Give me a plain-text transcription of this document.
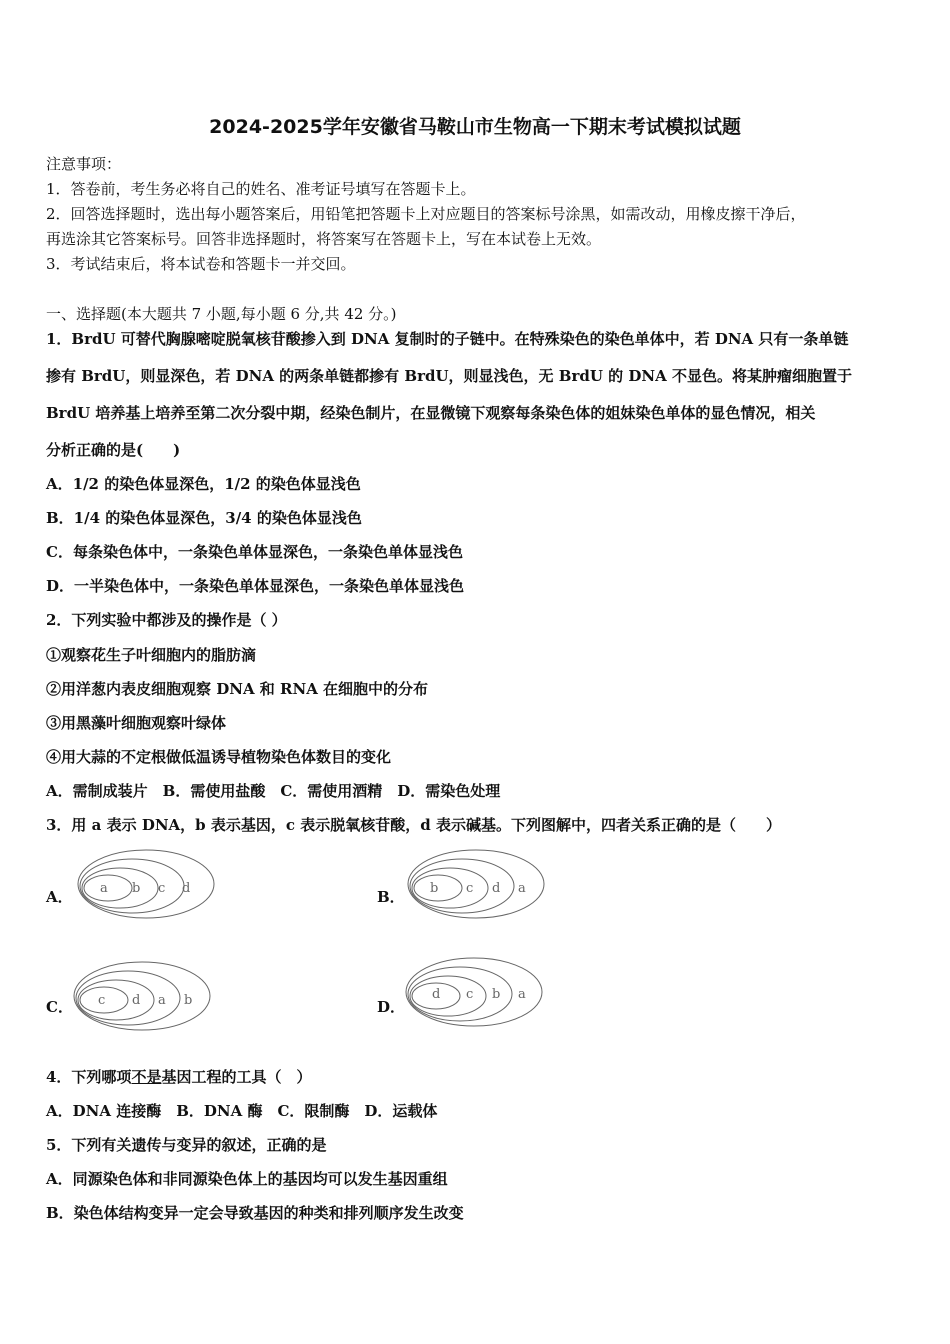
2024-2025学年安徽省马鞍山市生物高一下期末考试模拟试题
注意事项：
1．答卷前，考生务必将自己的姓名、准考证号填写在答题卡上。
2．回答选择题时，选出每小题答案后，用铅笔把答题卡上对应题目的答案标号涂黑，如需改动，用橡皮擦干净后，
再选涂其它答案标号。回答非选择题时，将答案写在答题卡上，写在本试卷上无效。
3．考试结束后，将本试卷和答题卡一并交回。
一、选择题(本大题共 7 小题,每小题 6 分,共 42 分。)
1．BrdU 可替代胸腺嘧啶脱氧核苷酸掺入到 DNA 复制时的子链中。在特殊染色的染色单体中，若 DNA 只有一条单链
掺有 BrdU，则显深色，若 DNA 的两条单链都掺有 BrdU，则显浅色，无 BrdU 的 DNA 不显色。将某肿瘤细胞置于
BrdU 培养基上培养至第二次分裂中期，经染色制片，在显微镜下观察每条染色体的姐妹染色单体的显色情况，相关
分析正确的是(　　)
A．1/2 的染色体显深色，1/2 的染色体显浅色
B．1/4 的染色体显深色，3/4 的染色体显浅色
C．每条染色体中，一条染色单体显深色，一条染色单体显浅色
D．一半染色体中，一条染色单体显深色，一条染色单体显浅色
2．下列实验中都涉及的操作是（ ）
①观察花生子叶细胞内的脂肪滴
②用洋葱内表皮细胞观察 DNA 和 RNA 在细胞中的分布
③用黑藻叶细胞观察叶绿体
④用大蒜的不定根做低温诱导植物染色体数目的变化
A．需制成装片　B．需使用盐酸　C．需使用酒精　D．需染色处理
3．用 a 表示 DNA，b 表示基因，c 表示脱氧核苷酸，d 表示碱基。下列图解中，四者关系正确的是（　　）
A． a b c d	B． b c d a
C． c d a b	D．
d c b a
4．下列哪项不是基因工程的工具（　）
A．DNA 连接酶　B．DNA 酶　C．限制酶　D．运载体
5．下列有关遗传与变异的叙述，正确的是
A．同源染色体和非同源染色体上的基因均可以发生基因重组
B．染色体结构变异一定会导致基因的种类和排列顺序发生改变
